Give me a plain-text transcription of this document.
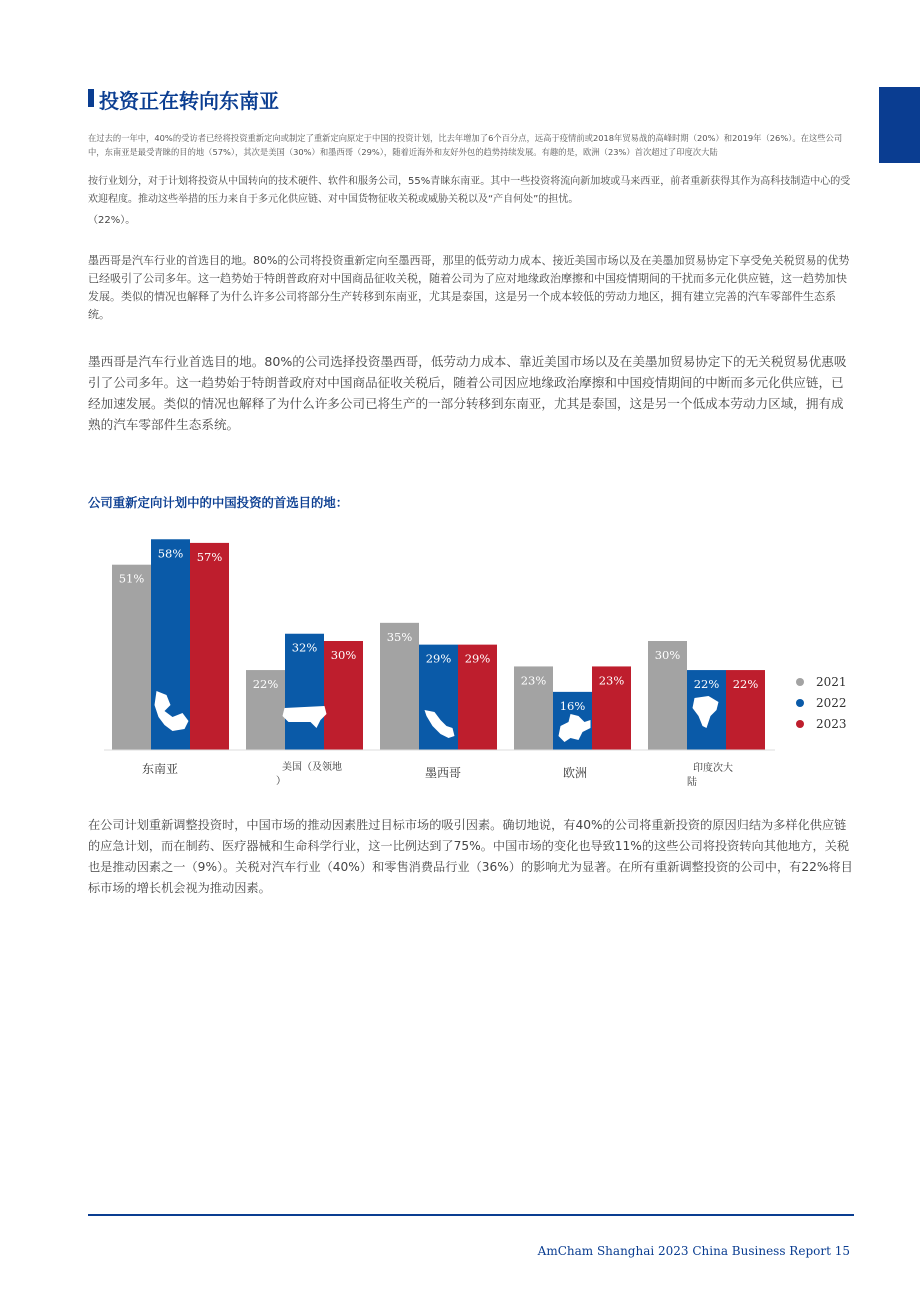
投资正在转向东南亚

在过去的一年中，40%的受访者已经将投资重新定向或制定了重新定向原定于中国的投资计划，比去年增加了6个百分点，远高于疫情前或2018年贸易战的高峰时期（20%）和2019年（26%）。在这些公司中，东南亚是最受青睐的目的地（57%），其次是美国（30%）和墨西哥（29%），随着近海外和友好外包的趋势持续发展。有趣的是，欧洲（23%）首次超过了印度次大陆

按行业划分，对于计划将投资从中国转向的技术硬件、软件和服务公司，55%青睐东南亚。其中一些投资将流向新加坡或马来西亚，前者重新获得其作为高科技制造中心的受欢迎程度。推动这些举措的压力来自于多元化供应链、对中国货物征收关税或威胁关税以及“产自何处”的担忧。

（22%）。

墨西哥是汽车行业的首选目的地。80%的公司将投资重新定向至墨西哥，那里的低劳动力成本、接近美国市场以及在美墨加贸易协定下享受免关税贸易的优势已经吸引了公司多年。这一趋势始于特朗普政府对中国商品征收关税，随着公司为了应对地缘政治摩擦和中国疫情期间的干扰而多元化供应链，这一趋势加快发展。类似的情况也解释了为什么许多公司将部分生产转移到东南亚，尤其是泰国，这是另一个成本较低的劳动力地区，拥有建立完善的汽车零部件生态系统。

墨西哥是汽车行业首选目的地。80%的公司选择投资墨西哥，低劳动力成本、靠近美国市场以及在美墨加贸易协定下的无关税贸易优惠吸引了公司多年。这一趋势始于特朗普政府对中国商品征收关税后，随着公司因应地缘政治摩擦和中国疫情期间的中断而多元化供应链，已经加速发展。类似的情况也解释了为什么许多公司已将生产的一部分转移到东南亚，尤其是泰国，这是另一个低成本劳动力区域，拥有成熟的汽车零部件生态系统。

公司重新定向计划中的中国投资的首选目的地：
51%
58% 57%
22%
32%
30%
35%
29% 29%
23%
16%
23%
30%
22% 22%
东南亚	美国（及领地
）
墨西哥	欧洲	印度次大
陆
2021
2022
2023

在公司计划重新调整投资时，中国市场的推动因素胜过目标市场的吸引因素。确切地说，有40%的公司将重新投资的原因归结为多样化供应链的应急计划，而在制药、医疗器械和生命科学行业，这一比例达到了75%。中国市场的变化也导致11%的这些公司将投资转向其他地方，关税也是推动因素之一（9%）。关税对汽车行业（40%）和零售消费品行业（36%）的影响尤为显著。在所有重新调整投资的公司中，有22%将目标市场的增长机会视为推动因素。

AmCham Shanghai 2023 China Business Report 15
